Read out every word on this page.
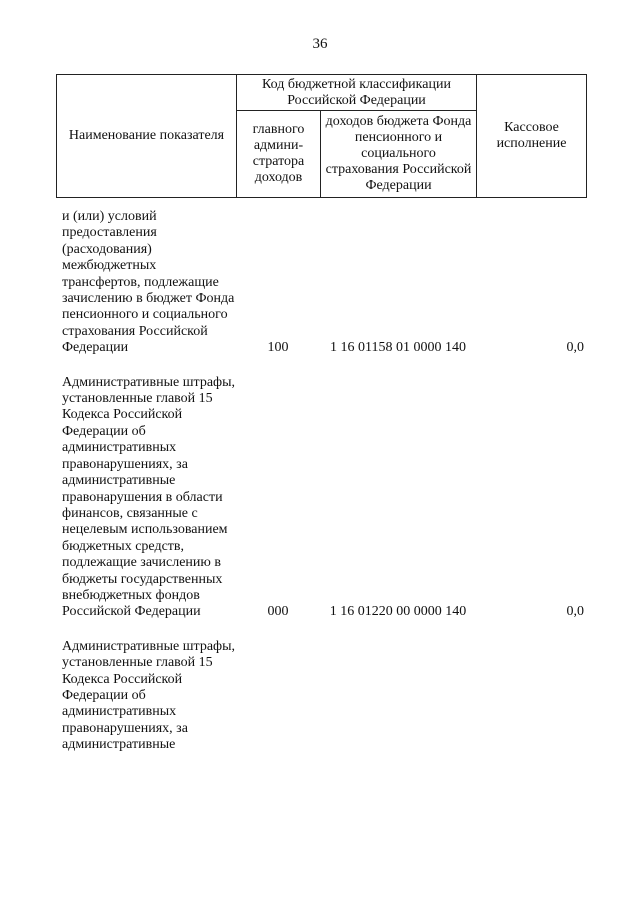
36
Наименование показателя	Код бюджетной классификации Российской Федерации		Кассовое исполнение
	главного админи-стратора доходов	доходов бюджета Фонда пенсионного и социального страхования Российской Федерации	
и (или) условий предоставления (расходования) межбюджетных трансфертов, подлежащие зачислению в бюджет Фонда пенсионного и социального страхования Российской Федерации	100	1 16 01158 01 0000 140	0,0
Административные штрафы, установленные главой 15 Кодекса Российской Федерации об административных правонарушениях, за административные правонарушения в области финансов, связанные с нецелевым использованием бюджетных средств, подлежащие зачислению в бюджеты государственных внебюджетных фондов Российской Федерации	000	1 16 01220 00 0000 140	0,0
Административные штрафы, установленные главой 15 Кодекса Российской Федерации об административных правонарушениях, за административные
